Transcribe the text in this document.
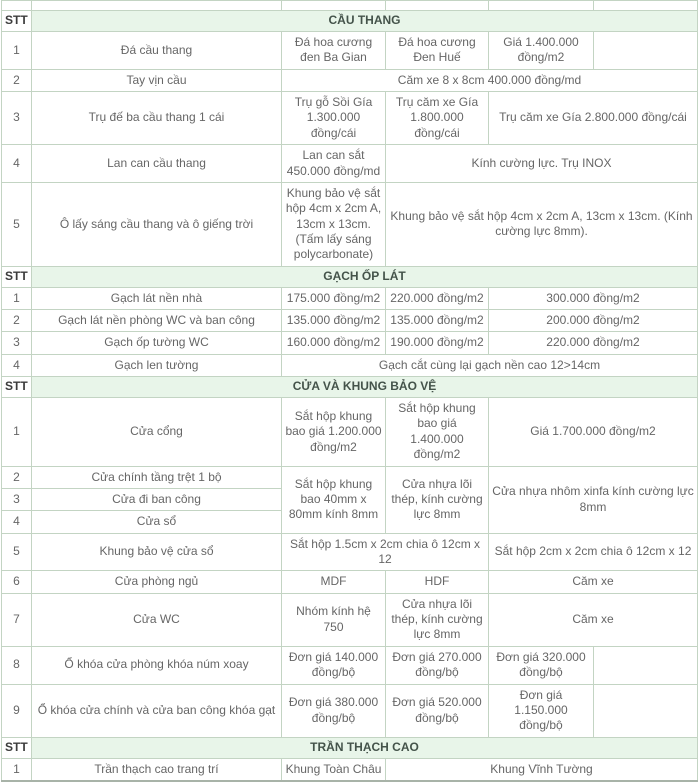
STT	CẦU THANG				
1	Đá cầu thang	Đá hoa cương đen Ba Gian	Đá hoa cương Đen Huế	Giá 1.400.000 đồng/m2	
2	Tay vịn cầu	Căm xe 8 x 8cm 400.000 đồng/md			
3	Trụ đế ba cầu thang 1 cái	Trụ gỗ Sồi Gía 1.300.000 đồng/cái	Trụ căm xe Gía 1.800.000 đồng/cái	Trụ căm xe Gía 2.800.000 đồng/cái	
4	Lan can cầu thang	Lan can sắt 450.000 đồng/md	Kính cường lực. Trụ INOX		
5	Ô lấy sáng cầu thang và ô giếng trời	Khung bảo vệ sắt hộp 4cm x 2cm A, 13cm x 13cm. (Tấm lấy sáng polycarbonate)	Khung bảo vệ sắt hộp 4cm x 2cm A, 13cm x 13cm. (Kính cường lực 8mm).		
STT	GẠCH ỐP LÁT				
1	Gạch lát nền nhà	175.000 đồng/m2	220.000 đồng/m2	300.000 đồng/m2	
2	Gạch lát nền phòng WC và ban công	135.000 đồng/m2	135.000 đồng/m2	200.000 đồng/m2	
3	Gạch ốp tường WC	160.000 đồng/m2	190.000 đồng/m2	220.000 đồng/m2	
4	Gạch len tường	Gạch cắt cùng lại gạch nền cao 12>14cm			
STT	CỬA VÀ KHUNG BẢO VỆ				
1	Cửa cổng	Sắt hộp khung bao giá 1.200.000 đồng/m2	Sắt hộp khung bao giá 1.400.000 đồng/m2	Giá 1.700.000 đồng/m2	
2	Cửa chính tầng trệt 1 bộ	Sắt hộp khung bao 40mm x 80mm kính 8mm	Cửa nhựa lõi thép, kính cường lực 8mm	Cửa nhựa nhôm xinfa kính cường lực 8mm	
3	Cửa đi ban công				
4	Cửa sổ				
5	Khung bảo vệ cửa sổ	Sắt hộp 1.5cm x 2cm chia ô 12cm x 12		Sắt hộp 2cm x 2cm chia ô 12cm x 12	
6	Cửa phòng ngủ	MDF	HDF	Căm xe	
7	Cửa WC	Nhóm kính hệ 750	Cửa nhựa lõi thép, kính cường lực 8mm	Căm xe	
8	Ổ khóa cửa phòng khóa núm xoay	Đơn giá 140.000 đồng/bộ	Đơn giá 270.000 đồng/bộ	Đơn giá 320.000 đồng/bộ	
9	Ổ khóa cửa chính và cửa ban công khóa gạt	Đơn giá 380.000 đồng/bộ	Đơn giá 520.000 đồng/bộ	Đơn giá 1.150.000 đồng/bộ	
STT	TRẦN THẠCH CAO				
1	Trần thạch cao trang trí	Khung Toàn Châu	Khung Vĩnh Tường		
